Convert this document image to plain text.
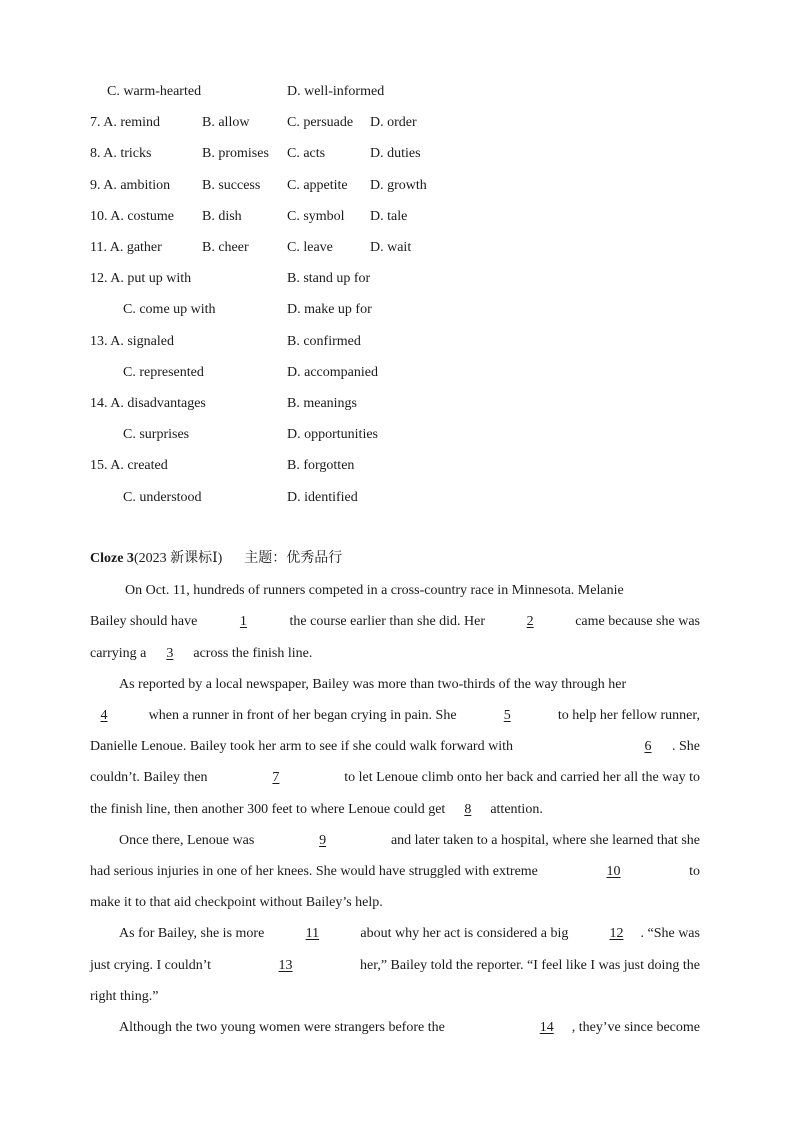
C. warm-hearted	D. well-informed
7. A. remind	B. allow	C. persuade D. order
8. A. tricks	B. promises C. acts	D. duties
9. A. ambition B. success C. appetite D. growth
10. A. costume B. dish	C. symbol D. tale
11. A. gather	B. cheer	C. leave	D. wait
12. A. put up with	B. stand up for
C. come up with	D. make up for
13. A. signaled	B. confirmed
C. represented	D. accompanied
14. A. disadvantages	B. meanings
C. surprises	D. opportunities
15. A. created	B. forgotten
C. understood	D. identified
Cloze 3(2023 新课标Ⅰ) 主题：优秀品行
On Oct. 11, hundreds of runners competed in a cross-country race in Minnesota. Melanie
Bailey should have	1	the course earlier than she did. Her	2	came because she was
carrying a 3 across the finish line.
As reported by a local newspaper, Bailey was more than two-thirds of the way through her
4	when a runner in front of her began crying in pain. She	5	to help her fellow runner,
Danielle Lenoue. Bailey took her arm to see if she could walk forward with	6 . She
couldn’t. Bailey then	7	to let Lenoue climb onto her back and carried her all the way to
the finish line, then another 300 feet to where Lenoue could get 8 attention.
Once there, Lenoue was	9	and later taken to a hospital, where she learned that she
had serious injuries in one of her knees. She would have struggled with extreme	10	to
make it to that aid checkpoint without Bailey’s help.
As for Bailey, she is more	11	about why her act is considered a big	12 . “She was
just crying. I couldn’t	13	her,” Bailey told the reporter. “I feel like I was just doing the
right thing.”
Although the two young women were strangers before the	14 , they’ve since become
